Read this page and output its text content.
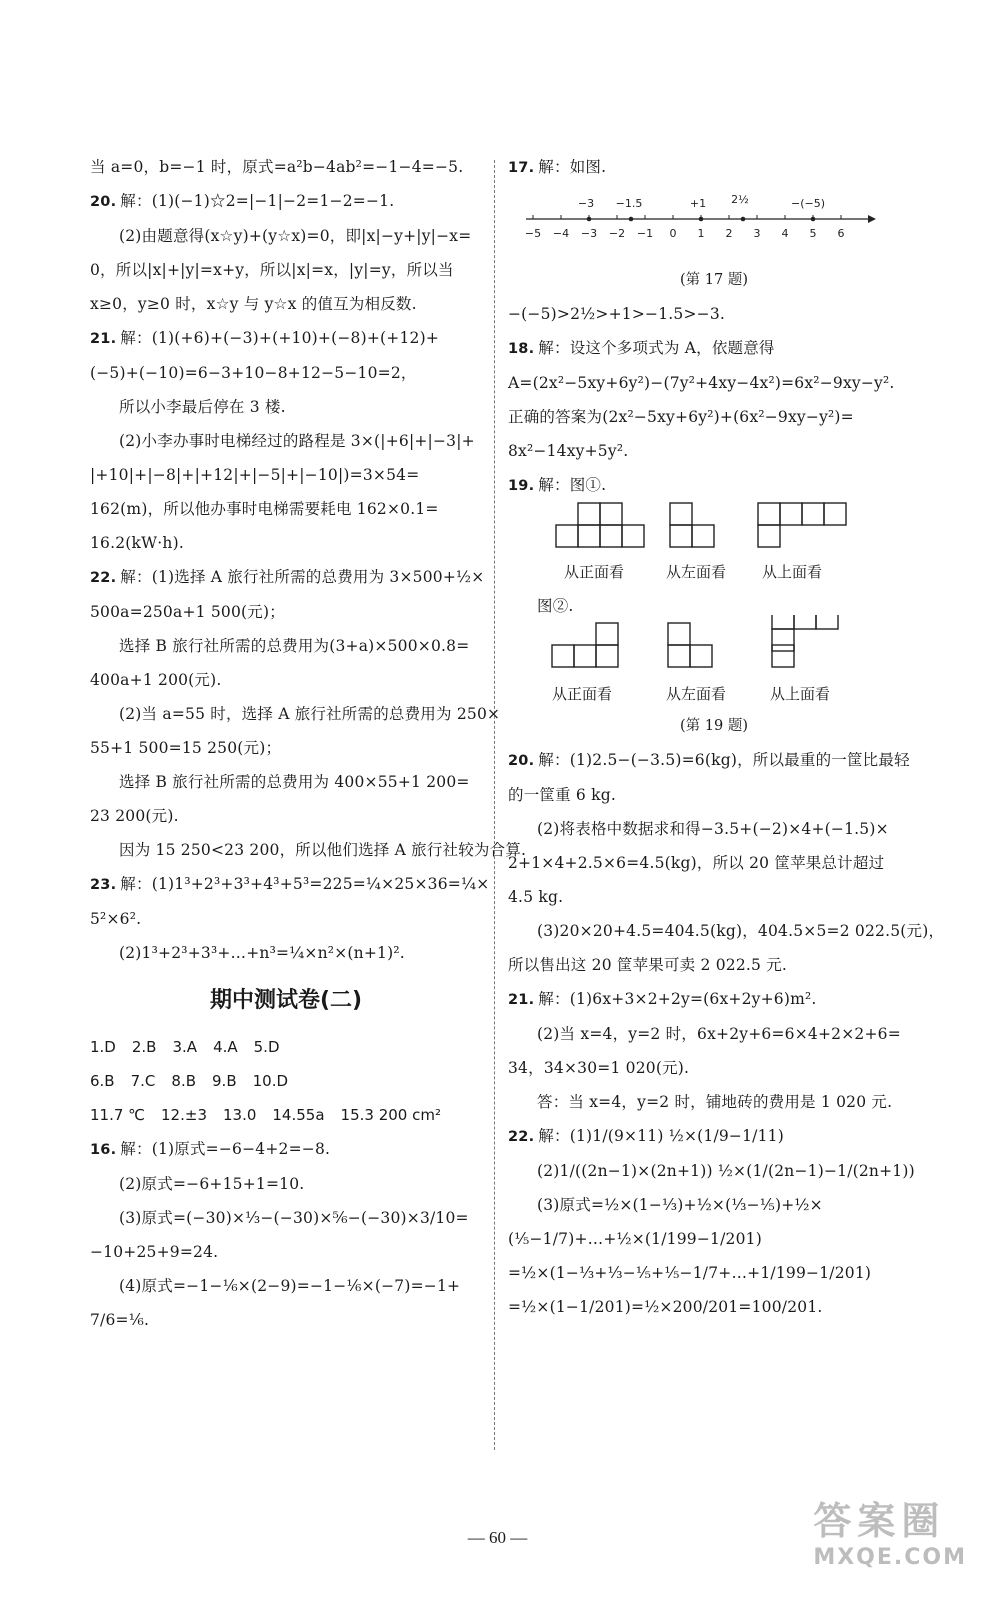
当 a=0，b=−1 时，原式=a²b−4ab²=−1−4=−5.
20. 解：(1)(−1)☆2=|−1|−2=1−2=−1.
(2)由题意得(x☆y)+(y☆x)=0，即|x|−y+|y|−x=
0，所以|x|+|y|=x+y，所以|x|=x，|y|=y，所以当
x≥0，y≥0 时，x☆y 与 y☆x 的值互为相反数.
21. 解：(1)(+6)+(−3)+(+10)+(−8)+(+12)+
(−5)+(−10)=6−3+10−8+12−5−10=2，
所以小李最后停在 3 楼.
(2)小李办事时电梯经过的路程是 3×(|+6|+|−3|+
|+10|+|−8|+|+12|+|−5|+|−10|)=3×54=
162(m)，所以他办事时电梯需要耗电 162×0.1=
16.2(kW·h).
22. 解：(1)选择 A 旅行社所需的总费用为 3×500+½×
500a=250a+1 500(元)；
选择 B 旅行社所需的总费用为(3+a)×500×0.8=
400a+1 200(元).
(2)当 a=55 时，选择 A 旅行社所需的总费用为 250×
55+1 500=15 250(元)；
选择 B 旅行社所需的总费用为 400×55+1 200=
23 200(元).
因为 15 250<23 200，所以他们选择 A 旅行社较为合算.
23. 解：(1)1³+2³+3³+4³+5³=225=¼×25×36=¼×
5²×6².
(2)1³+2³+3³+…+n³=¼×n²×(n+1)².
期中测试卷(二)
1.D 2.B 3.A 4.A 5.D
6.B 7.C 8.B 9.B 10.D
11.7 ℃ 12.±3 13.0 14.55a 15.3 200 cm²
16. 解：(1)原式=−6−4+2=−8.
(2)原式=−6+15+1=10.
(3)原式=(−30)×⅓−(−30)×⅚−(−30)×3/10=
−10+25+9=24.
(4)原式=−1−⅙×(2−9)=−1−⅙×(−7)=−1+
7/6=⅙.
17. 解：如图.
−3 −1.5	+1 2½	−(−5)
−5 −4 −3 −2 −1 0 1 2 3 4 5 6
(第 17 题)
−(−5)>2½>+1>−1.5>−3.
18. 解：设这个多项式为 A，依题意得
A=(2x²−5xy+6y²)−(7y²+4xy−4x²)=6x²−9xy−y².
正确的答案为(2x²−5xy+6y²)+(6x²−9xy−y²)=
8x²−14xy+5y².
19. 解：图①.
从正面看	从左面看 从上面看
图②.
从正面看	从左面看	从上面看
(第 19 题)
20. 解：(1)2.5−(−3.5)=6(kg)，所以最重的一筐比最轻
的一筐重 6 kg.
(2)将表格中数据求和得−3.5+(−2)×4+(−1.5)×
2+1×4+2.5×6=4.5(kg)，所以 20 筐苹果总计超过
4.5 kg.
(3)20×20+4.5=404.5(kg)，404.5×5=2 022.5(元)，
所以售出这 20 筐苹果可卖 2 022.5 元.
21. 解：(1)6x+3×2+2y=(6x+2y+6)m².
(2)当 x=4，y=2 时，6x+2y+6=6×4+2×2+6=
34，34×30=1 020(元).
答：当 x=4，y=2 时，铺地砖的费用是 1 020 元.
22. 解：(1)1/(9×11) ½×(1/9−1/11)
(2)1/((2n−1)×(2n+1)) ½×(1/(2n−1)−1/(2n+1))
(3)原式=½×(1−⅓)+½×(⅓−⅕)+½×
(⅕−1/7)+…+½×(1/199−1/201)
=½×(1−⅓+⅓−⅕+⅕−1/7+…+1/199−1/201)
=½×(1−1/201)=½×200/201=100/201.
— 60 —	答案圈
MXQE.COM
